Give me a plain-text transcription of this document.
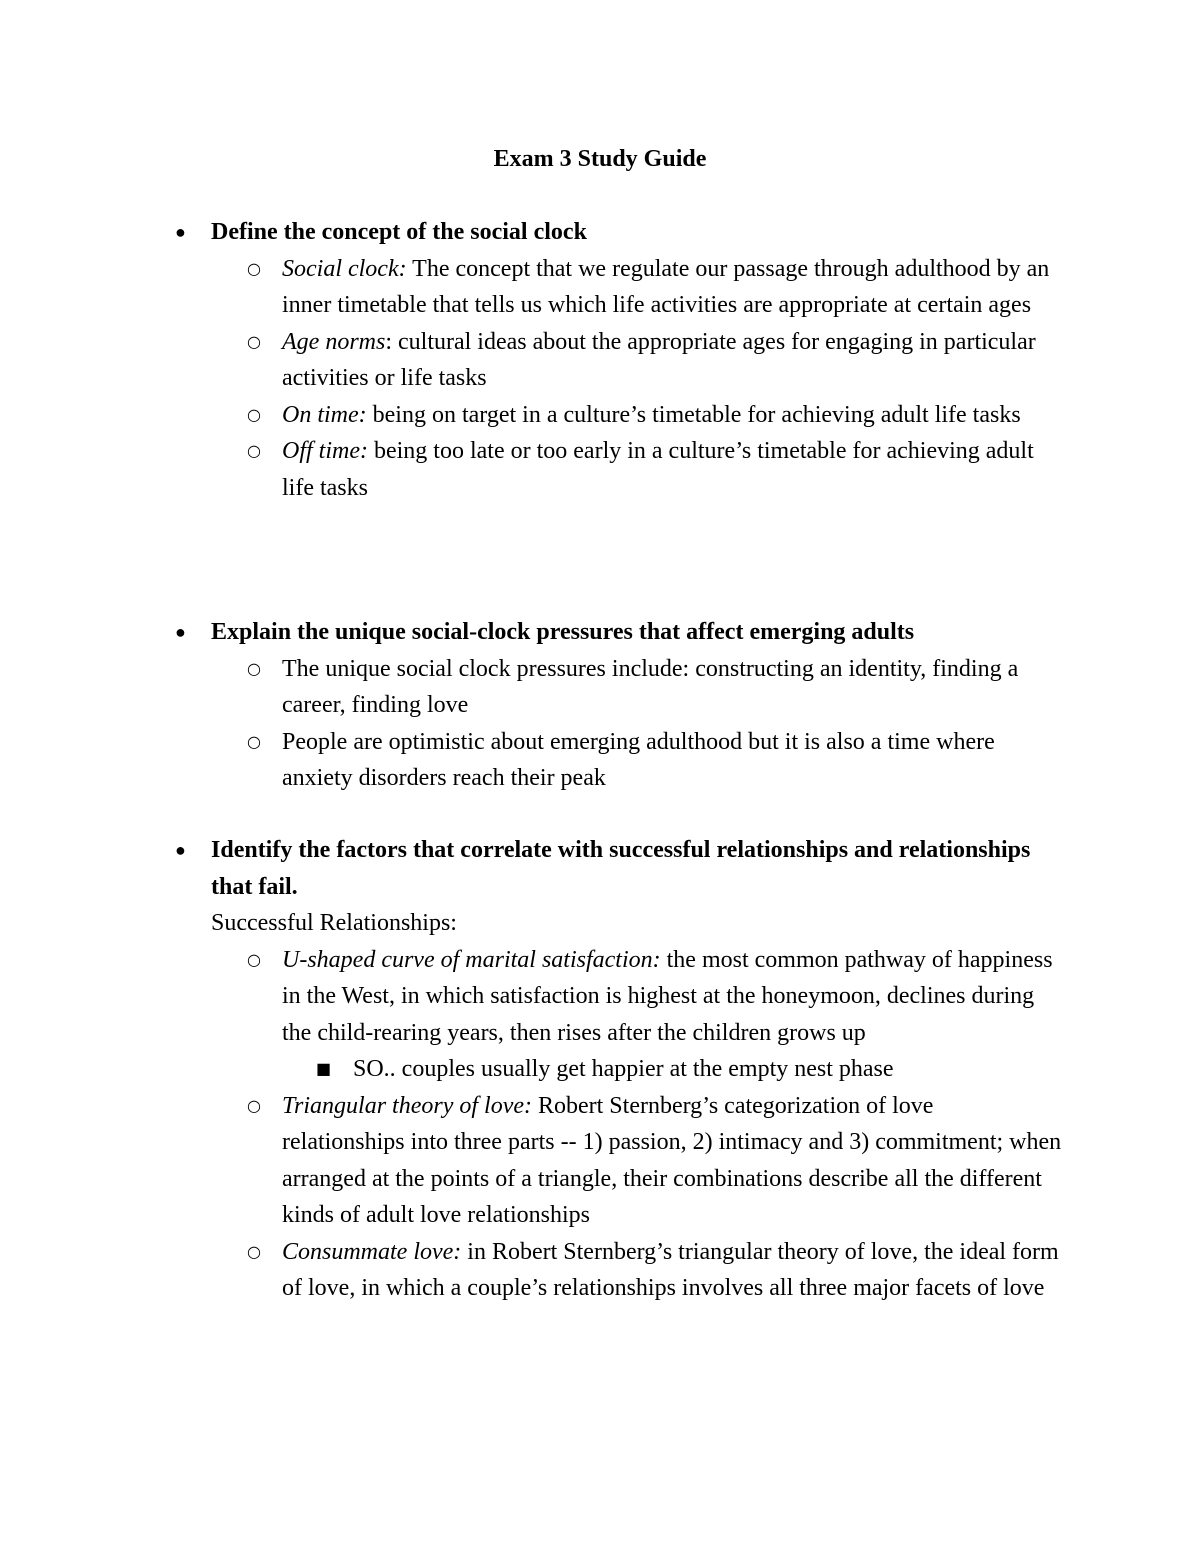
Exam 3 Study Guide
●	Define the concept of the social clock
○ Social clock: The concept that we regulate our passage through adulthood by an inner timetable that tells us which life activities are appropriate at certain ages
○ Age norms: cultural ideas about the appropriate ages for engaging in particular activities or life tasks
○ On time: being on target in a culture’s timetable for achieving adult life tasks
○ Off time: being too late or too early in a culture’s timetable for achieving adult life tasks
●	Explain the unique social-clock pressures that affect emerging adults
○ The unique social clock pressures include: constructing an identity, finding a career, finding love
○ People are optimistic about emerging adulthood but it is also a time where anxiety disorders reach their peak
●	Identify the factors that correlate with successful relationships and relationships that fail.
Successful Relationships:
○ U-shaped curve of marital satisfaction: the most common pathway of happiness in the West, in which satisfaction is highest at the honeymoon, declines during the child-rearing years, then rises after the children grows up
■ SO.. couples usually get happier at the empty nest phase
○ Triangular theory of love: Robert Sternberg’s categorization of love relationships into three parts -- 1) passion, 2) intimacy and 3) commitment; when arranged at the points of a triangle, their combinations describe all the different kinds of adult love relationships
○ Consummate love: in Robert Sternberg’s triangular theory of love, the ideal form of love, in which a couple’s relationships involves all three major facets of love
